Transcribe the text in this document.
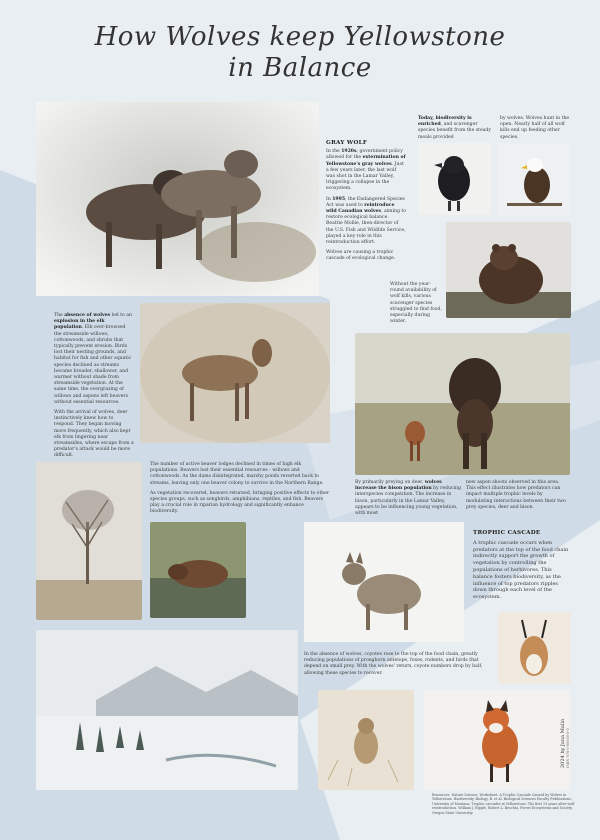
How Wolves keep Yellowstone
in Balance
GRAY WOLF

In the 1920s, government policy allowed for the extermination of Yellowstone's gray wolves. Just a few years later, the last wolf was shot in the Lamar Valley, triggering a collapse in the ecosystem.

In 1995, the Endangered Species Act was used to reintroduce wild Canadian wolves, aiming to restore ecological balance. Beattie Mollie, then-director of the U.S. Fish and Wildlife Service, played a key role in this reintroduction effort.

Wolves are causing a trophic cascade of ecological change.

Today, biodiversity is enriched, and scavenger species benefit from the steady meals provided
by wolves. Wolves hunt in the open. Nearly half of all wolf kills end up feeding other species.
Without the year-round availability of wolf kills, various scavenger species struggled to find food, especially during winter.

The absence of wolves led to an explosion in the elk population. Elk over-browsed the streamside willows, cottonwoods, and shrubs that typically prevent erosion. Birds lost their nesting grounds, and habitat for fish and other aquatic species declined as streams became broader, shallower, and warmer without shade from streamside vegetation. At the same time, the overgrazing of willows and aspens left beavers without essential resources.

With the arrival of wolves, deer instinctively knew how to respond. They began moving more frequently, which also kept elk from lingering near streamsides, where escape from a predator's attack would be more difficult.

By primarily preying on deer, wolves increase the bison population by reducing interspecies competition. The increase in bison, particularly in the Lamar Valley, appears to be influencing young vegetation, with most
new aspen shoots observed in this area. This effect illustrates how predators can impact multiple trophic levels by modulating interactions between their two prey species, deer and bison.

The number of active beaver lodges declined in times of high elk populations. Beavers lost their essential resources - willows and cottonwoods. As the dams disintegrated, marshy ponds reverted back to streams, leaving only one beaver colony to survive in the Northern Range.

As vegetation recovered, beavers returned, bringing positive effects to other species groups, such as songbirds, amphibians, reptiles, and fish. Beavers play a crucial role in riparian hydrology and significantly enhance biodiversity.

TROPHIC CASCADE
A trophic cascade occurs when predators at the top of the food chain indirectly support the growth of vegetation by controlling the populations of herbivores. This balance fosters biodiversity, as the influence of top predators ripples down through each level of the ecosystem.
In the absence of wolves, coyotes rose to the top of the food chain, greatly reducing populations of pronghorn antelope, foxes, rodents, and birds that depend on small prey. With the wolves' return, coyote numbers drop by half, allowing these species to recover.
2024 by Jana Malin ISBN 978-0-00000-0-0
Resources: Nature Science, Worksheet: A Trophic Cascade Caused by Wolves in Yellowstone. Biodiversity, Biology, B. et al. Biological Sciences Faculty Publications, University of Montana. Trophic cascades in Yellowstone: The first 15 years after wolf reintroduction. William J. Ripple, Robert L. Beschta, Forest Ecosystems and Society, Oregon State University.
